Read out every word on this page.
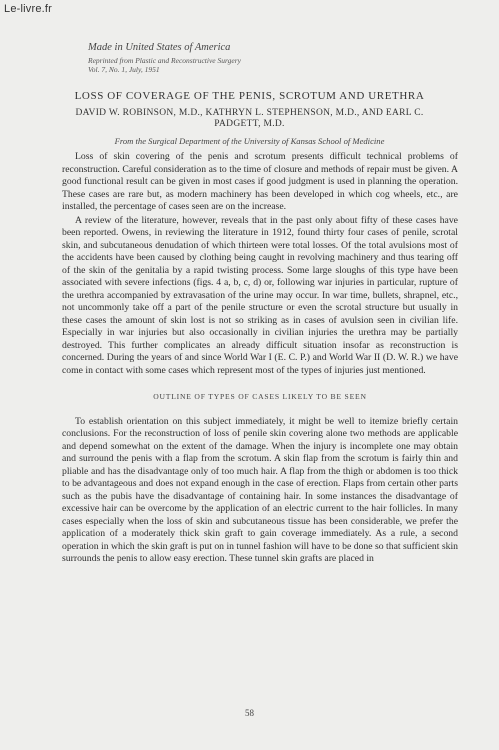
Le-livre.fr
Made in United States of America
Reprinted from Plastic and Reconstructive Surgery
Vol. 7, No. 1, July, 1951
LOSS OF COVERAGE OF THE PENIS, SCROTUM AND URETHRA
DAVID W. ROBINSON, M.D., KATHRYN L. STEPHENSON, M.D., AND EARL C.
PADGETT, M.D.
From the Surgical Department of the University of Kansas School of Medicine

Loss of skin covering of the penis and scrotum presents difficult technical problems of reconstruction. Careful consideration as to the time of closure and methods of repair must be given. A good functional result can be given in most cases if good judgment is used in planning the operation. These cases are rare but, as modern machinery has been developed in which cog wheels, etc., are installed, the percentage of cases seen are on the increase.

A review of the literature, however, reveals that in the past only about fifty of these cases have been reported. Owens, in reviewing the literature in 1912, found thirty four cases of penile, scrotal skin, and subcutaneous denudation of which thirteen were total losses. Of the total avulsions most of the accidents have been caused by clothing being caught in revolving machinery and thus tearing off of the skin of the genitalia by a rapid twisting process. Some large sloughs of this type have been associated with severe infections (figs. 4 a, b, c, d) or, following war injuries in particular, rupture of the urethra accompanied by extravasation of the urine may occur. In war time, bullets, shrapnel, etc., not uncommonly take off a part of the penile structure or even the scrotal structure but usually in these cases the amount of skin lost is not so striking as in cases of avulsion seen in civilian life. Especially in war injuries but also occasionally in civilian injuries the urethra may be partially destroyed. This further complicates an already difficult situation insofar as reconstruction is concerned. During the years of and since World War I (E. C. P.) and World War II (D. W. R.) we have come in contact with some cases which represent most of the types of injuries just mentioned.

OUTLINE OF TYPES OF CASES LIKELY TO BE SEEN

To establish orientation on this subject immediately, it might be well to itemize briefly certain conclusions. For the reconstruction of loss of penile skin covering alone two methods are applicable and depend somewhat on the extent of the damage. When the injury is incomplete one may obtain and surround the penis with a flap from the scrotum. A skin flap from the scrotum is fairly thin and pliable and has the disadvantage only of too much hair. A flap from the thigh or abdomen is too thick to be advantageous and does not expand enough in the case of erection. Flaps from certain other parts such as the pubis have the disadvantage of containing hair. In some instances the disadvantage of excessive hair can be overcome by the application of an electric current to the hair follicles. In many cases especially when the loss of skin and subcutaneous tissue has been considerable, we prefer the application of a moderately thick skin graft to gain coverage immediately. As a rule, a second operation in which the skin graft is put on in tunnel fashion will have to be done so that sufficient skin surrounds the penis to allow easy erection. These tunnel skin grafts are placed in

58
